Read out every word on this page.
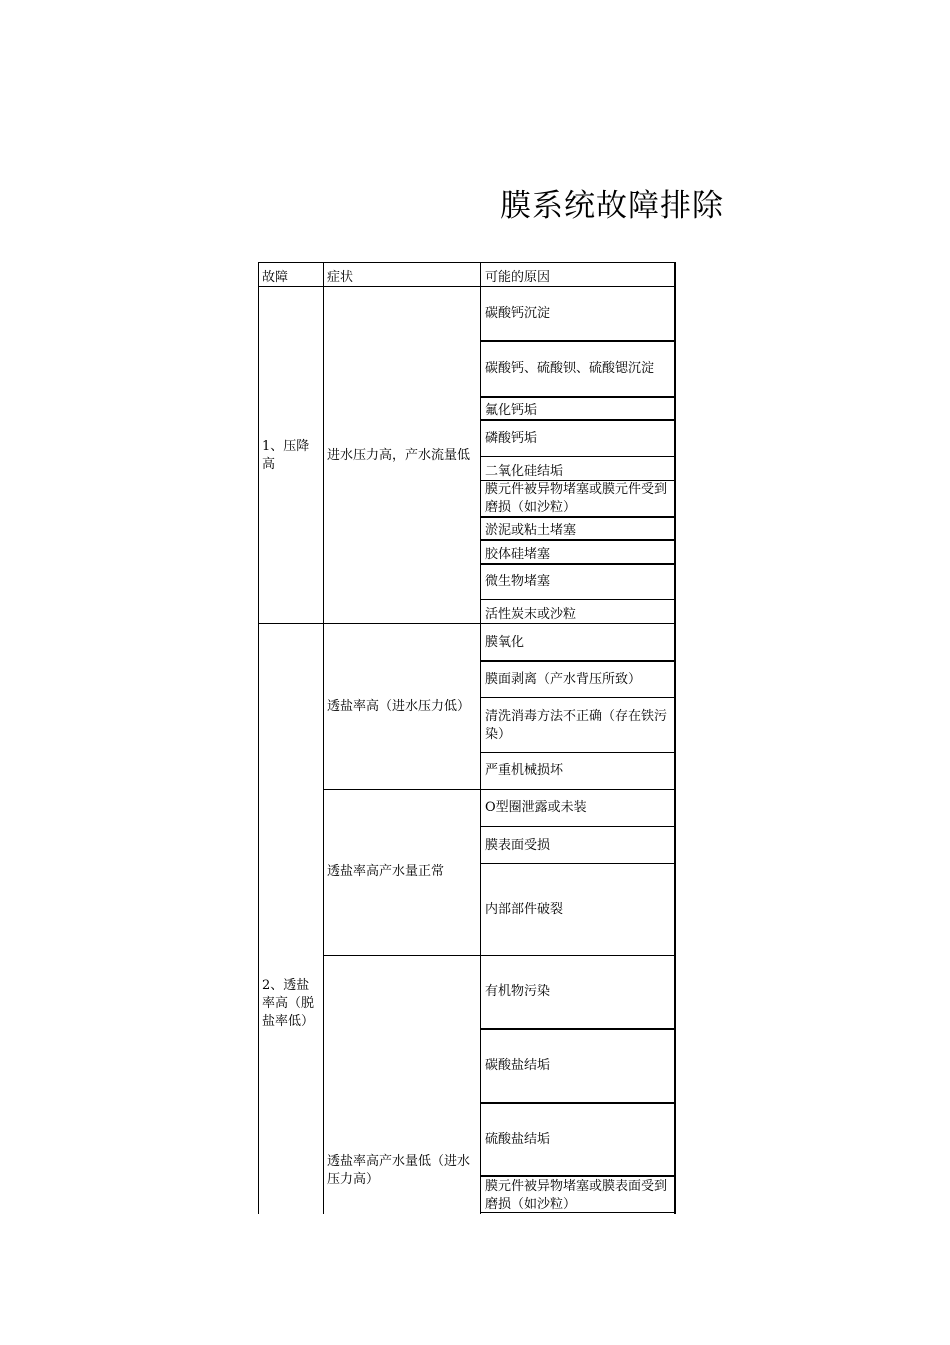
膜系统故障排除
故障	症状	可能的原因
1、压降高
2、透盐率高（脱盐率低）
进水压力高，产水流量低
透盐率高（进水压力低）
透盐率高产水量正常
透盐率高产水量低（进水压力高）
碳酸钙沉淀
碳酸钙、硫酸钡、硫酸锶沉淀
氟化钙垢
磷酸钙垢
二氧化硅结垢
膜元件被异物堵塞或膜元件受到磨损（如沙粒）
淤泥或粘土堵塞
胶体硅堵塞
微生物堵塞
活性炭末或沙粒
膜氧化
膜面剥离（产水背压所致）
清洗消毒方法不正确（存在铁污染）
严重机械损坏
O型圈泄露或未装
膜表面受损
内部部件破裂
有机物污染
碳酸盐结垢
硫酸盐结垢
膜元件被异物堵塞或膜表面受到磨损（如沙粒）
